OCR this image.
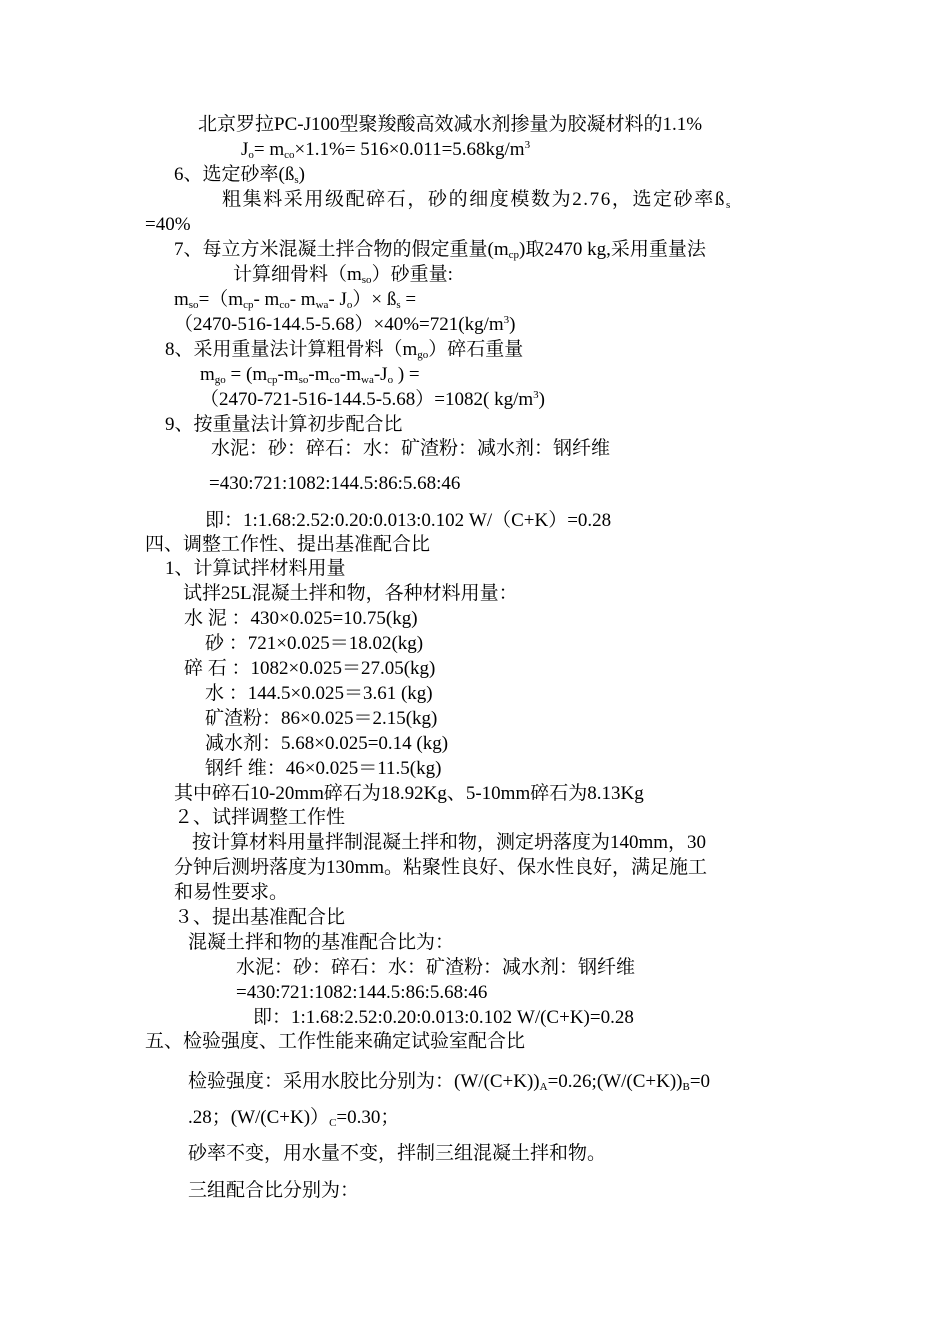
北京罗拉PC-J100型聚羧酸高效减水剂掺量为胶凝材料的1.1%
$J_o= m_{co}\times 1.1\%= 516\times 0.011=5.68kg/m^3$
6、选定砂率$(ß_s)$
粗集料采用级配碎石，砂的细度模数为2.76，选定砂率$ß_s$
=40%
7、每立方米混凝土拌合物的假定重量$(m_{cp})$取2470 kg,采用重量法
计算细骨料$(m_{so})$砂重量:
$m_{so}=(m_{cp}-$ $m_{co}-$ $m_{wa}-$ $J_o)\times$ $ß_s$ =
$(2470-516-144.5-5.68)\times 40\%=721(kg/m^3)$
8、采用重量法计算粗骨料$(m_{go})$碎石重量
$m_{go} = (m_{cp}-m_{so}-m_{co}-m_{wa}-J_o$ ) =
（2470-721-516-144.5-5.68）=1082( $kg/m^3$)
9、按重量法计算初步配合比
水泥：砂：碎石：水：矿渣粉：减水剂：钢纤维
=430:721:1082:144.5:86:5.68:46
即：1:1.68:2.52:0.20:0.013:0.102 W/（C+K）=0.28
四、调整工作性、提出基准配合比
1、计算试拌材料用量
试拌25L混凝土拌和物，各种材料用量：
水 泥 ：430×0.025=10.75(kg)
砂 ：721×0.025＝18.02(kg)
碎 石 ：1082×0.025＝27.05(kg)
水 ：144.5×0.025＝3.61 (kg)
矿渣粉：86×0.025＝2.15(kg)
减水剂：5.68×0.025=0.14 (kg)
钢纤 维：46×0.025＝11.5(kg)
其中碎石10-20mm碎石为18.92Kg、5-10mm碎石为8.13Kg
２、试拌调整工作性
按计算材料用量拌制混凝土拌和物，测定坍落度为140mm，30
分钟后测坍落度为130mm。粘聚性良好、保水性良好，满足施工
和易性要求。
３、提出基准配合比
混凝土拌和物的基准配合比为：
水泥：砂：碎石：水：矿渣粉：减水剂：钢纤维
=430:721:1082:144.5:86:5.68:46
即：1:1.68:2.52:0.20:0.013:0.102 W/(C+K)=0.28
五、检验强度、工作性能来确定试验室配合比
检验强度：采用水胶比分别为：$(W/(C+K))_A=0.26;(W/(C+K))_B=0$
.28；$(W/(C+K))_C=0.30$；
砂率不变，用水量不变，拌制三组混凝土拌和物。
三组配合比分别为：
